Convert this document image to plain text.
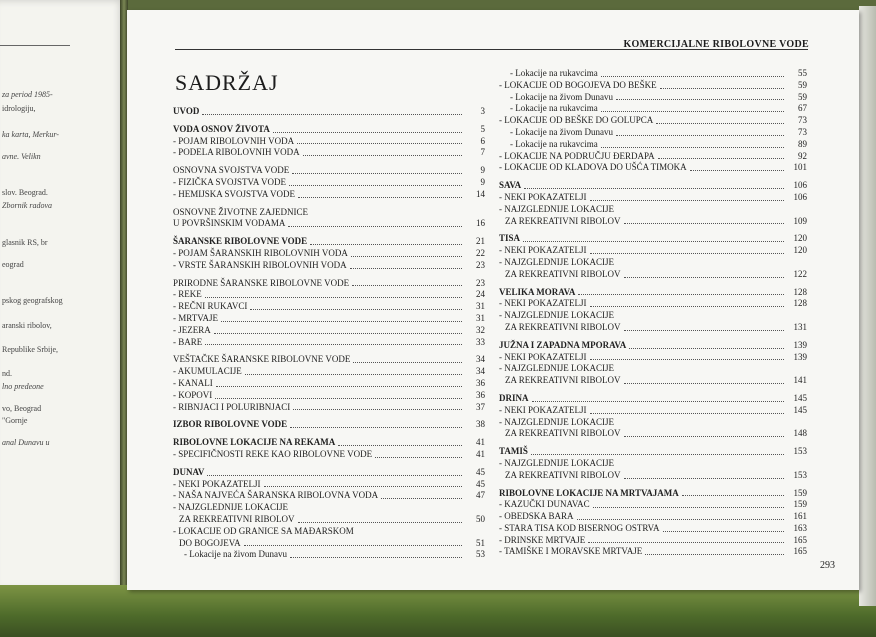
za period 1985-
idrologiju,
ka karta, Merkur-
avne. Velikn
slov. Beograd.
Zbornik radova
glasnik RS, br
eograd
pskog geografskog
aranski ribolov,
Republike Srbije,
nd.
lno predeone
vo, Beograd
"Gornje
anal Dunavu u
KOMERCIJALNE RIBOLOVNE VODE
SADRŽAJ
UVOD	3
VODA OSNOV ŽIVOTA	5
- POJAM RIBOLOVNIH VODA	6
- PODELA RIBOLOVNIH VODA	7
OSNOVNA SVOJSTVA VODE	9
- FIZIČKA SVOJSTVA VODE	9
- HEMIJSKA SVOJSTVA VODE	14
OSNOVNE ŽIVOTNE ZAJEDNICE
U POVRŠINSKIM VODAMA	16
ŠARANSKE RIBOLOVNE VODE	21
- POJAM ŠARANSKIH RIBOLOVNIH VODA	22
- VRSTE ŠARANSKIH RIBOLOVNIH VODA	23
PRIRODNE ŠARANSKE RIBOLOVNE VODE	23
- REKE	24
- REČNI RUKAVCI	31
- MRTVAJE	31
- JEZERA	32
- BARE	33
VEŠTAČKE ŠARANSKE RIBOLOVNE VODE	34
- AKUMULACIJE	34
- KANALI	36
- KOPOVI	36
- RIBNJACI I POLURIBNJACI	37
IZBOR RIBOLOVNE VODE	38
RIBOLOVNE LOKACIJE NA REKAMA	41
- SPECIFIČNOSTI REKE KAO RIBOLOVNE VODE	41
DUNAV	45
- NEKI POKAZATELJI	45
- NAŠA NAJVEĆA ŠARANSKA RIBOLOVNA VODA	47
- NAJZGLEDNIJE LOKACIJE
ZA REKREATIVNI RIBOLOV	50
- LOKACIJE OD GRANICE SA MAĐARSKOM
DO BOGOJEVA	51
- Lokacije na živom Dunavu	53
- Lokacije na rukavcima	55
- LOKACIJE OD BOGOJEVA DO BEŠKE	59
- Lokacije na živom Dunavu	59
- Lokacije na rukavcima	67
- LOKACIJE OD BEŠKE DO GOLUPCA	73
- Lokacije na živom Dunavu	73
- Lokacije na rukavcima	89
- LOKACIJE NA PODRUČJU ĐERDAPA	92
- LOKACIJE OD KLADOVA DO UŠĆA TIMOKA	101
SAVA	106
- NEKI POKAZATELJI	106
- NAJZGLEDNIJE LOKACIJE
ZA REKREATIVNI RIBOLOV	109
TISA	120
- NEKI POKAZATELJI	120
- NAJZGLEDNIJE LOKACIJE
ZA REKREATIVNI RIBOLOV	122
VELIKA MORAVA	128
- NEKI POKAZATELJI	128
- NAJZGLEDNIJE LOKACIJE
ZA REKREATIVNI RIBOLOV	131
JUŽNA I ZAPADNA MPORAVA	139
- NEKI POKAZATELJI	139
- NAJZGLEDNIJE LOKACIJE
ZA REKREATIVNI RIBOLOV	141
DRINA	145
- NEKI POKAZATELJI	145
- NAJZGLEDNIJE LOKACIJE
ZA REKREATIVNI RIBOLOV	148
TAMIŠ	153
- NAJZGLEDNIJE LOKACIJE
ZA REKREATIVNI RIBOLOV	153
RIBOLOVNE LOKACIJE NA MRTVAJAMA	159
- KAZUČKI DUNAVAC	159
- OBEDSKA BARA	161
- STARA TISA KOD BISERNOG OSTRVA	163
- DRINSKE MRTVAJE	165
- TAMIŠKE I MORAVSKE MRTVAJE	165
293
